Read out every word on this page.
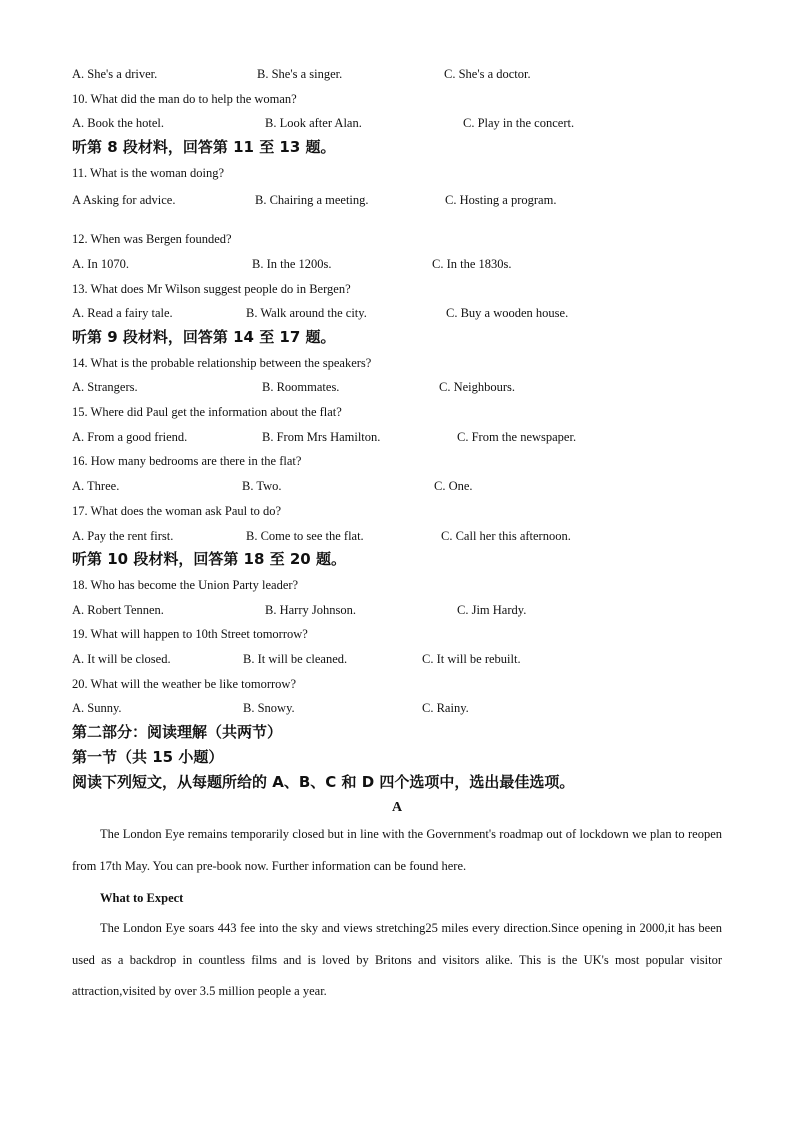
A. She's a driver.	B. She's a singer.	C. She's a doctor.
10. What did the man do to help the woman?
A. Book the hotel.	B. Look after Alan.	C. Play in the concert.
听第 8 段材料，回答第 11 至 13 题。
11. What is the woman doing?
A Asking for advice.	B. Chairing a meeting.	C. Hosting a program.
12. When was Bergen founded?
A. In 1070.	B. In the 1200s.	C. In the 1830s.
13. What does Mr Wilson suggest people do in Bergen?
A. Read a fairy tale.	B. Walk around the city.	C. Buy a wooden house.
听第 9 段材料，回答第 14 至 17 题。
14. What is the probable relationship between the speakers?
A. Strangers.	B. Roommates.	C. Neighbours.
15. Where did Paul get the information about the flat?
A. From a good friend.	B. From Mrs Hamilton.	C. From the newspaper.
16. How many bedrooms are there in the flat?
A. Three.	B. Two.	C. One.
17. What does the woman ask Paul to do?
A. Pay the rent first.	B. Come to see the flat.	C. Call her this afternoon.
听第 10 段材料，回答第 18 至 20 题。
18. Who has become the Union Party leader?
A. Robert Tennen.	B. Harry Johnson.	C. Jim Hardy.
19. What will happen to 10th Street tomorrow?
A. It will be closed.	B. It will be cleaned.	C. It will be rebuilt.
20. What will the weather be like tomorrow?
A. Sunny.	B. Snowy.	C. Rainy.
第二部分：阅读理解（共两节）
第一节（共 15 小题）
阅读下列短文，从每题所给的 A、B、C 和 D 四个选项中，选出最佳选项。
A
The London Eye remains temporarily closed but in line with the Government's roadmap out of lockdown we plan to reopen from 17th May. You can pre-book now. Further information can be found here.
What to Expect
The London Eye soars 443 fee into the sky and views stretching25 miles every direction.Since opening in 2000,it has been used as a backdrop in countless films and is loved by Britons and visitors alike. This is the UK's most popular visitor attraction,visited by over 3.5 million people a year.
